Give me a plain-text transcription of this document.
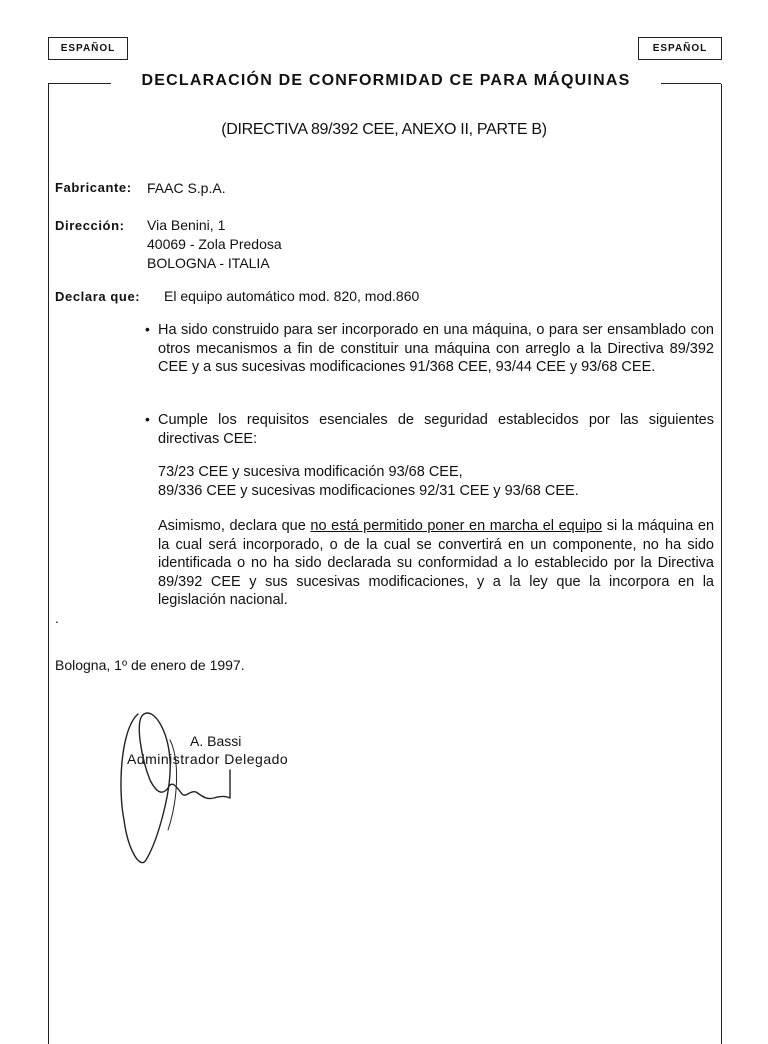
ESPAÑOL	ESPAÑOL
DECLARACIÓN DE CONFORMIDAD CE PARA MÁQUINAS
(DIRECTIVA 89/392 CEE, ANEXO II, PARTE B)
Fabricante: FAAC S.p.A.
Dirección: Via Benini, 1
40069 - Zola Predosa
BOLOGNA - ITALIA
Declara que: El equipo automático mod. 820, mod.860
• Ha sido construido para ser incorporado en una máquina, o para ser ensamblado con otros mecanismos a fin de constituir una máquina con arreglo a la Directiva 89/392 CEE y a sus sucesivas modificaciones 91/368 CEE, 93/44 CEE y 93/68 CEE.
• Cumple los requisitos esenciales de seguridad establecidos por las siguientes directivas CEE:
73/23 CEE y sucesiva modificación 93/68 CEE,
89/336 CEE y sucesivas modificaciones 92/31 CEE y 93/68 CEE.
Asimismo, declara que no está permitido poner en marcha el equipo si la máquina en la cual será incorporado, o de la cual se convertirá en un componente, no ha sido identificada o no ha sido declarada su conformidad a lo establecido por la Directiva 89/392 CEE y sus sucesivas modificaciones, y a la ley que la incorpora en la legislación nacional.
.
Bologna, 1º de enero de 1997.
A. Bassi
Administrador Delegado
